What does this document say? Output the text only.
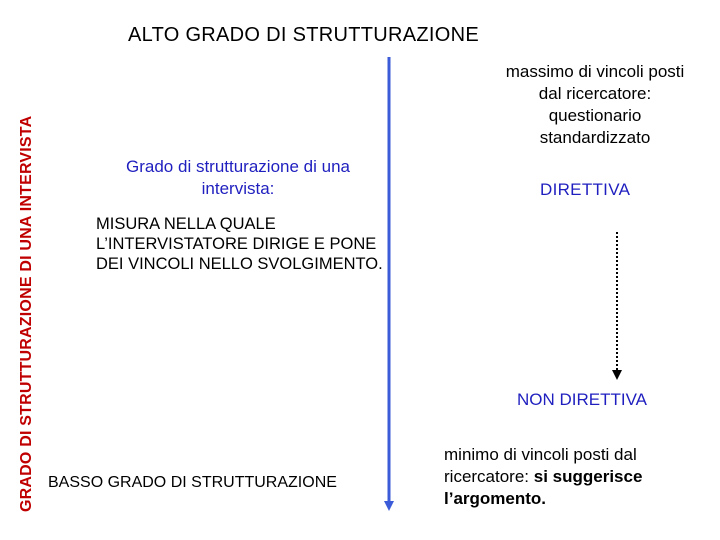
GRADO DI STRUTTURAZIONE DI UNA INTERVISTA
ALTO GRADO DI STRUTTURAZIONE
massimo di vincoli posti dal ricercatore: questionario standardizzato
Grado di strutturazione di una intervista:
MISURA NELLA QUALE L’INTERVISTATORE DIRIGE E PONE DEI VINCOLI NELLO SVOLGIMENTO.
DIRETTIVA
NON DIRETTIVA
BASSO GRADO DI STRUTTURAZIONE
minimo di vincoli posti dal ricercatore: si suggerisce l’argomento.
